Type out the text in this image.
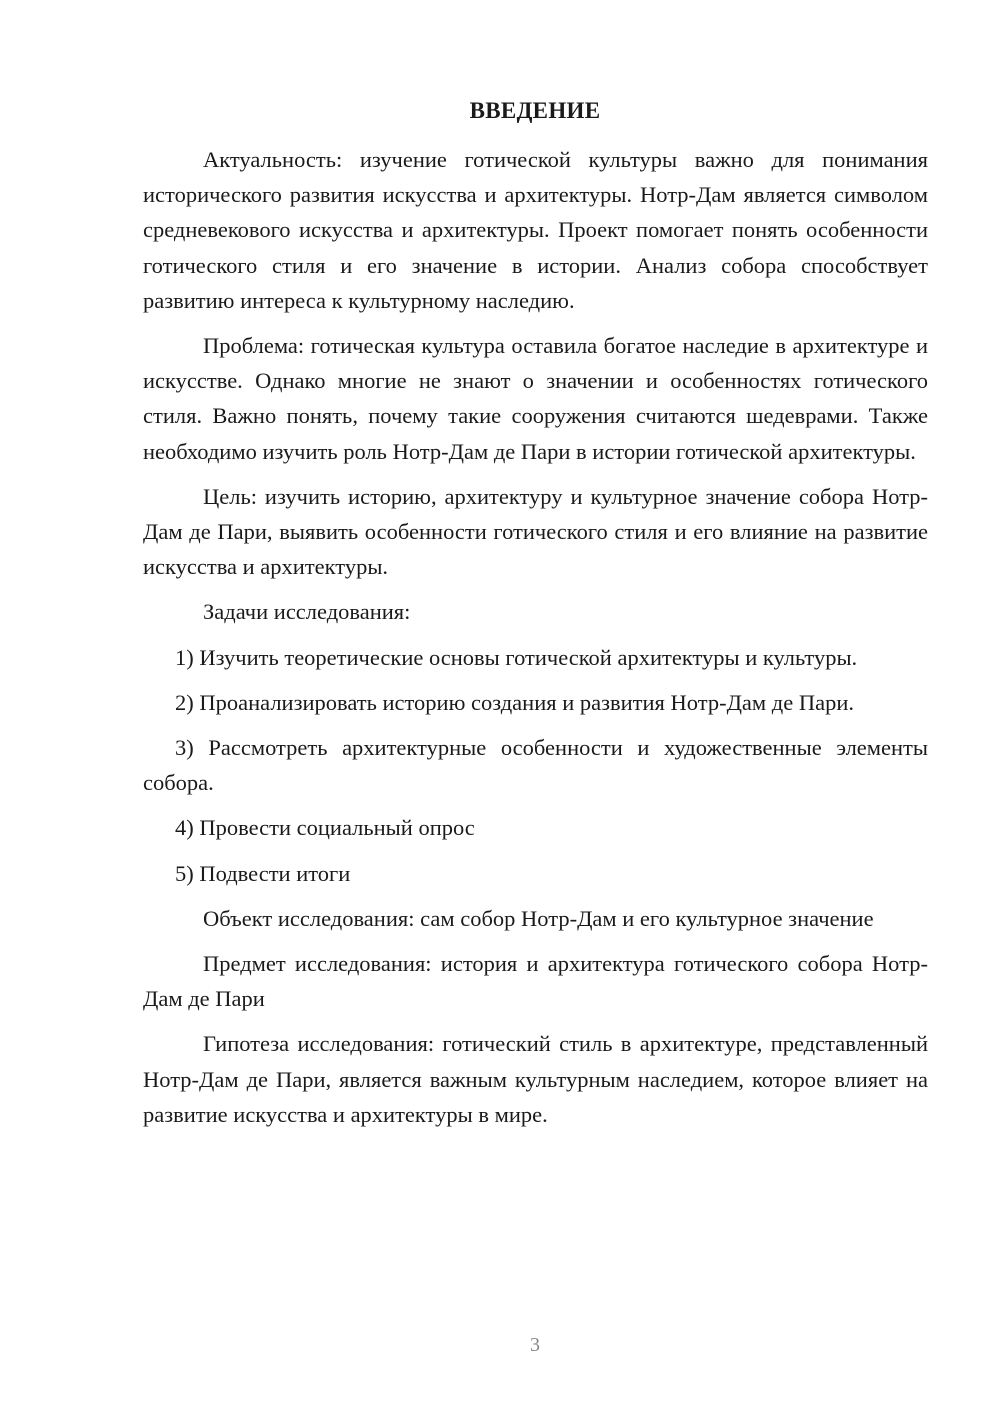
ВВЕДЕНИЕ

Актуальность: изучение готической культуры важно для понимания исторического развития искусства и архитектуры. Нотр-Дам является символом средневекового искусства и архитектуры. Проект помогает понять особенности готического стиля и его значение в истории. Анализ собора способствует развитию интереса к культурному наследию.

Проблема: готическая культура оставила богатое наследие в архитектуре и искусстве. Однако многие не знают о значении и особенностях готического стиля. Важно понять, почему такие сооружения считаются шедеврами. Также необходимо изучить роль Нотр-Дам де Пари в истории готической архитектуры.

Цель: изучить историю, архитектуру и культурное значение собора Нотр-Дам де Пари, выявить особенности готического стиля и его влияние на развитие искусства и архитектуры.

Задачи исследования:

1) Изучить теоретические основы готической архитектуры и культуры.

2) Проанализировать историю создания и развития Нотр-Дам де Пари.

3) Рассмотреть архитектурные особенности и художественные элементы собора.

4) Провести социальный опрос

5) Подвести итоги

Объект исследования: сам собор Нотр-Дам и его культурное значение

Предмет исследования: история и архитектура готического собора Нотр-Дам де Пари

Гипотеза исследования: готический стиль в архитектуре, представленный Нотр-Дам де Пари, является важным культурным наследием, которое влияет на развитие искусства и архитектуры в мире.

3
